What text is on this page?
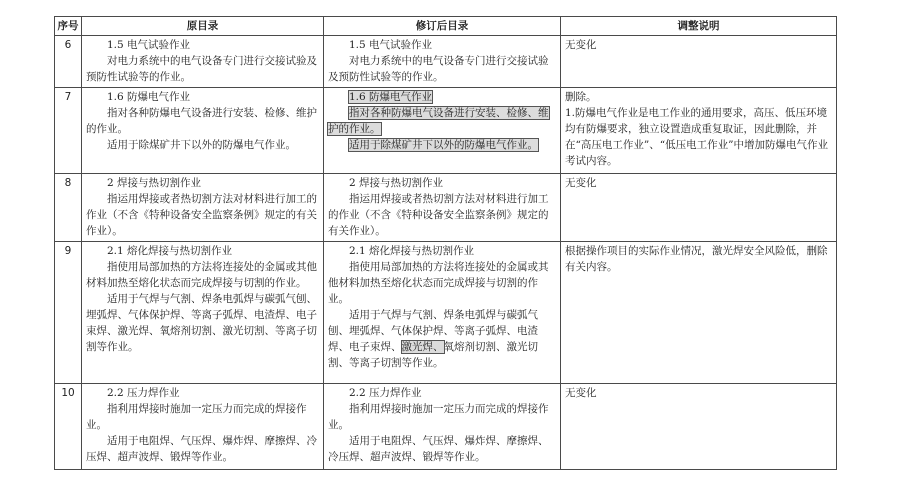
序号	原目录	修订后目录	调整说明
6	1.5 电气试验作业
对电力系统中的电气设备专门进行交接试验及预防性试验等的作业。	1.5 电气试验作业
对电力系统中的电气设备专门进行交接试验及预防性试验等的作业。	无变化

7	1.6 防爆电气作业
指对各种防爆电气设备进行安装、检修、维护的作业。
适用于除煤矿井下以外的防爆电气作业。	1.6 防爆电气作业
指对各种防爆电气设备进行安装、检修、维护的作业。
适用于除煤矿井下以外的防爆电气作业。	删除。
1.防爆电气作业是电工作业的通用要求，高压、低压环境均有防爆要求，独立设置造成重复取证，因此删除，并在“高压电工作业”、“低压电工作业”中增加防爆电气作业考试内容。

8	2 焊接与热切割作业
指运用焊接或者热切割方法对材料进行加工的作业（不含《特种设备安全监察条例》规定的有关作业）。	2 焊接与热切割作业
指运用焊接或者热切割方法对材料进行加工的作业（不含《特种设备安全监察条例》规定的有关作业）。	无变化

9	2.1 熔化焊接与热切割作业
指使用局部加热的方法将连接处的金属或其他材料加热至熔化状态而完成焊接与切割的作业。
适用于气焊与气割、焊条电弧焊与碳弧气刨、埋弧焊、气体保护焊、等离子弧焊、电渣焊、电子束焊、激光焊、氧熔剂切割、激光切割、等离子切割等作业。	2.1 熔化焊接与热切割作业
指使用局部加热的方法将连接处的金属或其他材料加热至熔化状态而完成焊接与切割的作业。
适用于气焊与气割、焊条电弧焊与碳弧气刨、埋弧焊、气体保护焊、等离子弧焊、电渣焊、电子束焊、激光焊、氧熔剂切割、激光切割、等离子切割等作业。	根据操作项目的实际作业情况，激光焊安全风险低，删除有关内容。

10	2.2 压力焊作业
指利用焊接时施加一定压力而完成的焊接作业。
适用于电阻焊、气压焊、爆炸焊、摩擦焊、冷压焊、超声波焊、锻焊等作业。	2.2 压力焊作业
指利用焊接时施加一定压力而完成的焊接作业。
适用于电阻焊、气压焊、爆炸焊、摩擦焊、冷压焊、超声波焊、锻焊等作业。	无变化
